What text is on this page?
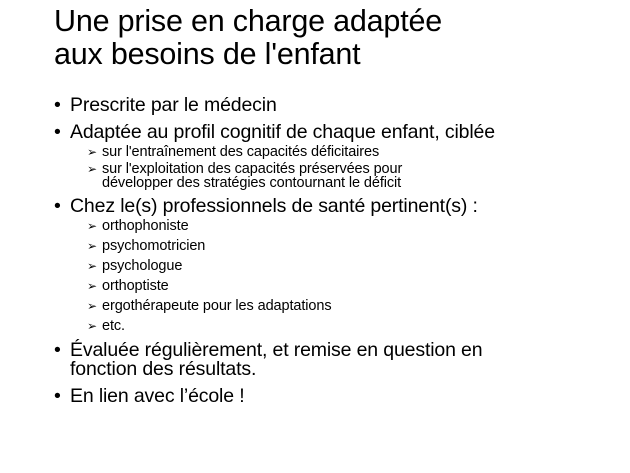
Une prise en charge adaptée
aux besoins de l'enfant
• Prescrite par le médecin
• Adaptée au profil cognitif de chaque enfant, ciblée
➢ sur l'entraînement des capacités déficitaires
➢ sur l'exploitation des capacités préservées pour
développer des stratégies contournant le déficit
• Chez le(s) professionnels de santé pertinent(s) :
➢ orthophoniste
➢ psychomotricien
➢ psychologue
➢ orthoptiste
➢ ergothérapeute pour les adaptations
➢ etc.
• Évaluée régulièrement, et remise en question en
fonction des résultats.
• En lien avec l’école !
